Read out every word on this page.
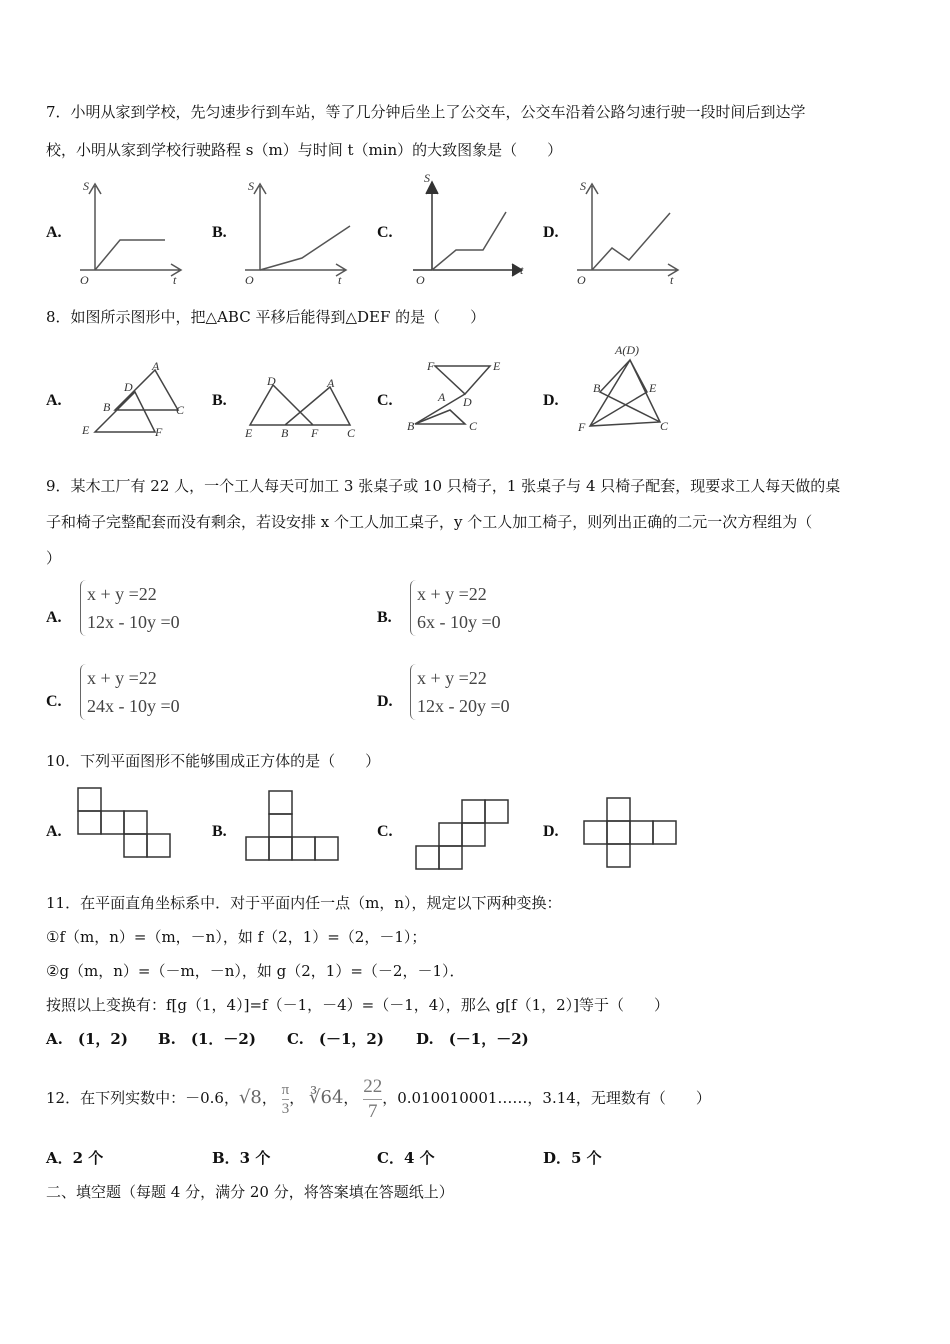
7．小明从家到学校，先匀速步行到车站，等了几分钟后坐上了公交车，公交车沿着公路匀速行驶一段时间后到达学
校，小明从家到学校行驶路程 s（m）与时间 t（min）的大致图象是（　　）
A.	B.	C.	D.
S
O	t
S
O	t
S
O
t
S
O	t
8．如图所示图形中，把△ABC 平移后能得到△DEF 的是（　　）
A.	B.	C.	D.
A
D
B	C
E	F
D	A
E B F C
F	E
D
A
B	C
A(D)
B	E
F	C
9．某木工厂有 22 人，一个工人每天可加工 3 张桌子或 10 只椅子，1 张桌子与 4 只椅子配套，现要求工人每天做的桌
子和椅子完整配套而没有剩余，若设安排 x 个工人加工桌子，y 个工人加工椅子，则列出正确的二元一次方程组为（
）
A.
x + y =22
12x - 10y =0	B.
x + y =22
6x - 10y =0
C.
x + y =22
24x - 10y =0	D.
x + y =22
12x - 20y =0
10．下列平面图形不能够围成正方体的是（　　）
A.	B.	C.	D.
11．在平面直角坐标系中．对于平面内任一点（m，n），规定以下两种变换：
①f（m，n）=（m，－n），如 f（2，1）=（2，－1）；
②g（m，n）=（－m，－n），如 g（2，1）=（－2，－1）．
按照以上变换有：f[g（1，4）]=f（－1，－4）=（－1，4），那么 g[f（1，2）]等于（　　）
A.　(1，2) B.　(1．－2) C.　(－1，2) D.　(－1，－2)
12．在下列实数中：－0.6，√8， $\frac{\pi}{3}$ ， ∛64， $\frac{22}{7}$ ，0.010010001……，3.14，无理数有（　　）
A．2 个	B．3 个	C．4 个	D．5 个
二、填空题（每题 4 分，满分 20 分，将答案填在答题纸上）
